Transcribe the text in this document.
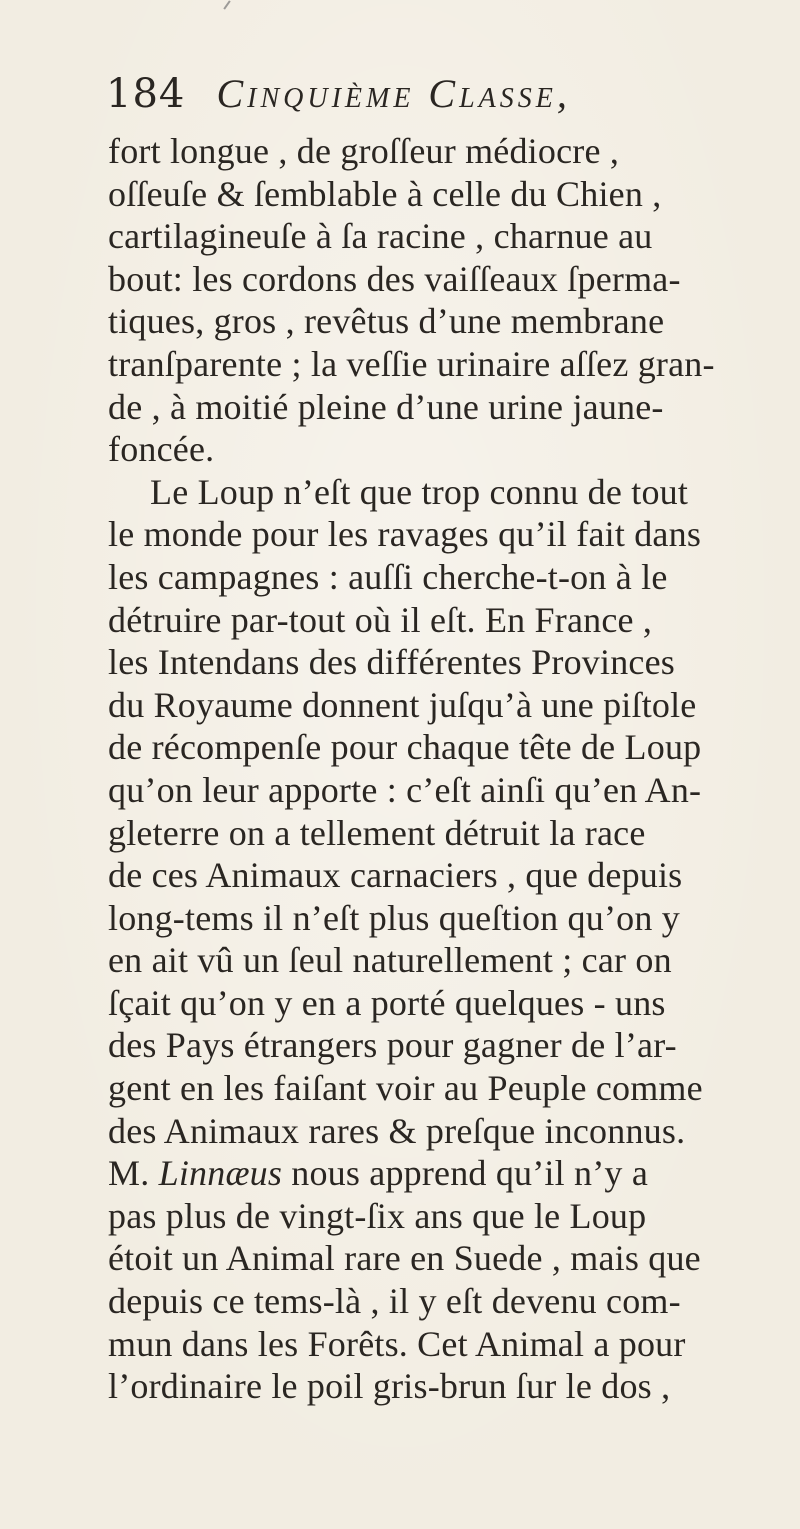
184 Cinquième Classe,
fort longue , de groſſeur médiocre ,
oſſeuſe & ſemblable à celle du Chien ,
cartilagineuſe à ſa racine , charnue au
bout: les cordons des vaiſſeaux ſperma-
tiques, gros , revêtus d’une membrane
tranſparente ; la veſſie urinaire aſſez gran-
de , à moitié pleine d’une urine jaune-
foncée.
Le Loup n’eſt que trop connu de tout
le monde pour les ravages qu’il fait dans
les campagnes : auſſi cherche-t-on à le
détruire par-tout où il eſt. En France ,
les Intendans des différentes Provinces
du Royaume donnent juſqu’à une piſtole
de récompenſe pour chaque tête de Loup
qu’on leur apporte : c’eſt ainſi qu’en An-
gleterre on a tellement détruit la race
de ces Animaux carnaciers , que depuis
long-tems il n’eſt plus queſtion qu’on y
en ait vû un ſeul naturellement ; car on
ſçait qu’on y en a porté quelques - uns
des Pays étrangers pour gagner de l’ar-
gent en les faiſant voir au Peuple comme
des Animaux rares & preſque inconnus.
M. Linnæus nous apprend qu’il n’y a
pas plus de vingt-ſix ans que le Loup
étoit un Animal rare en Suede , mais que
depuis ce tems-là , il y eſt devenu com-
mun dans les Forêts. Cet Animal a pour
l’ordinaire le poil gris-brun ſur le dos ,
